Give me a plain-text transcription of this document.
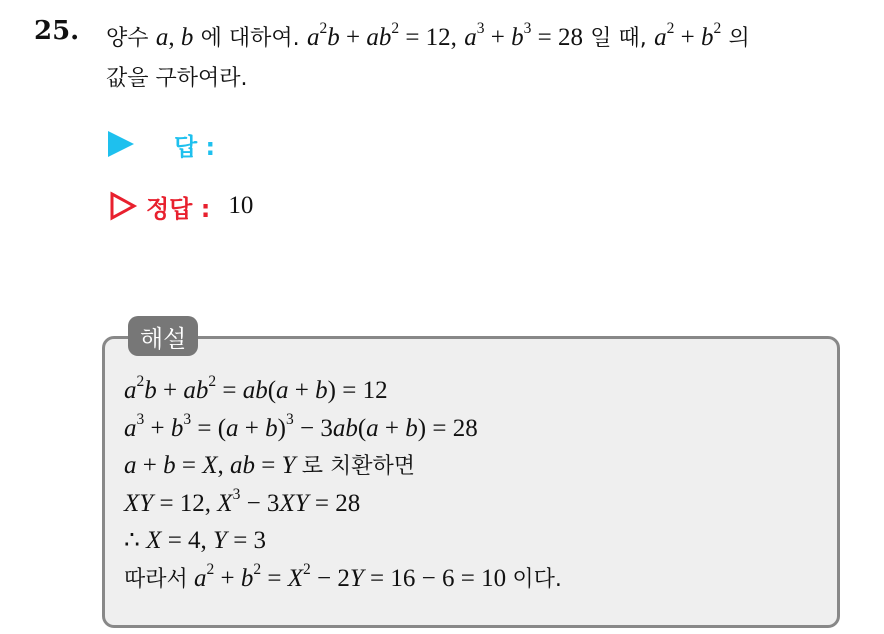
25. 양수 a, b 에 대하여. $a^2b + ab^2 = 12$, $a^3 + b^3 = 28$ 일 때, $a^2 + b^2$ 의
값을 구하여라.
답 :
정답 : 10
해설
$a^2b + ab^2 = ab(a + b) = 12$
$a^3 + b^3 = (a + b)^3 - 3ab(a + b) = 28$
a + b = X, ab = Y 로 치환하면
XY = 12, $X^3 - 3XY = 28$
∴ X = 4, Y = 3
따라서 $a^2 + b^2 = X^2 - 2Y = 16 - 6 = 10$ 이다.
